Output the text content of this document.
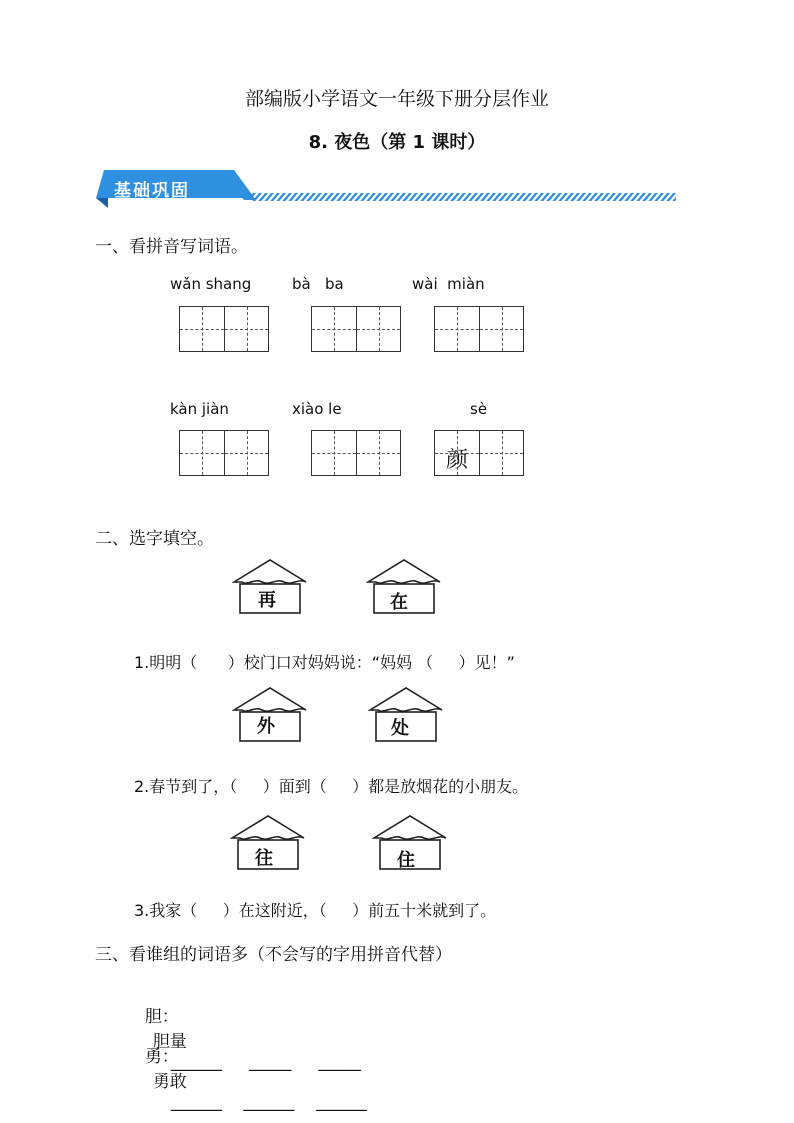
部编版小学语文一年级下册分层作业
8. 夜色（第 1 课时）
基础巩固
一、看拼音写词语。
wǎn shang	bà   ba	wài  miàn
kàn jiàn	xiào le	sè
颜
二、选字填空。
再	在
1.明明（      ）校门口对妈妈说：“妈妈 （     ）见！”
外	处
2.春节到了，（     ）面到（     ）都是放烟花的小朋友。
往	住
3.我家（     ）在这附近，（     ）前五十米就到了。
三、看谁组的词语多（不会写的字用拼音代替）

胆：
胆量
______     _____     _____

勇：
勇敢
______    ______    ______
